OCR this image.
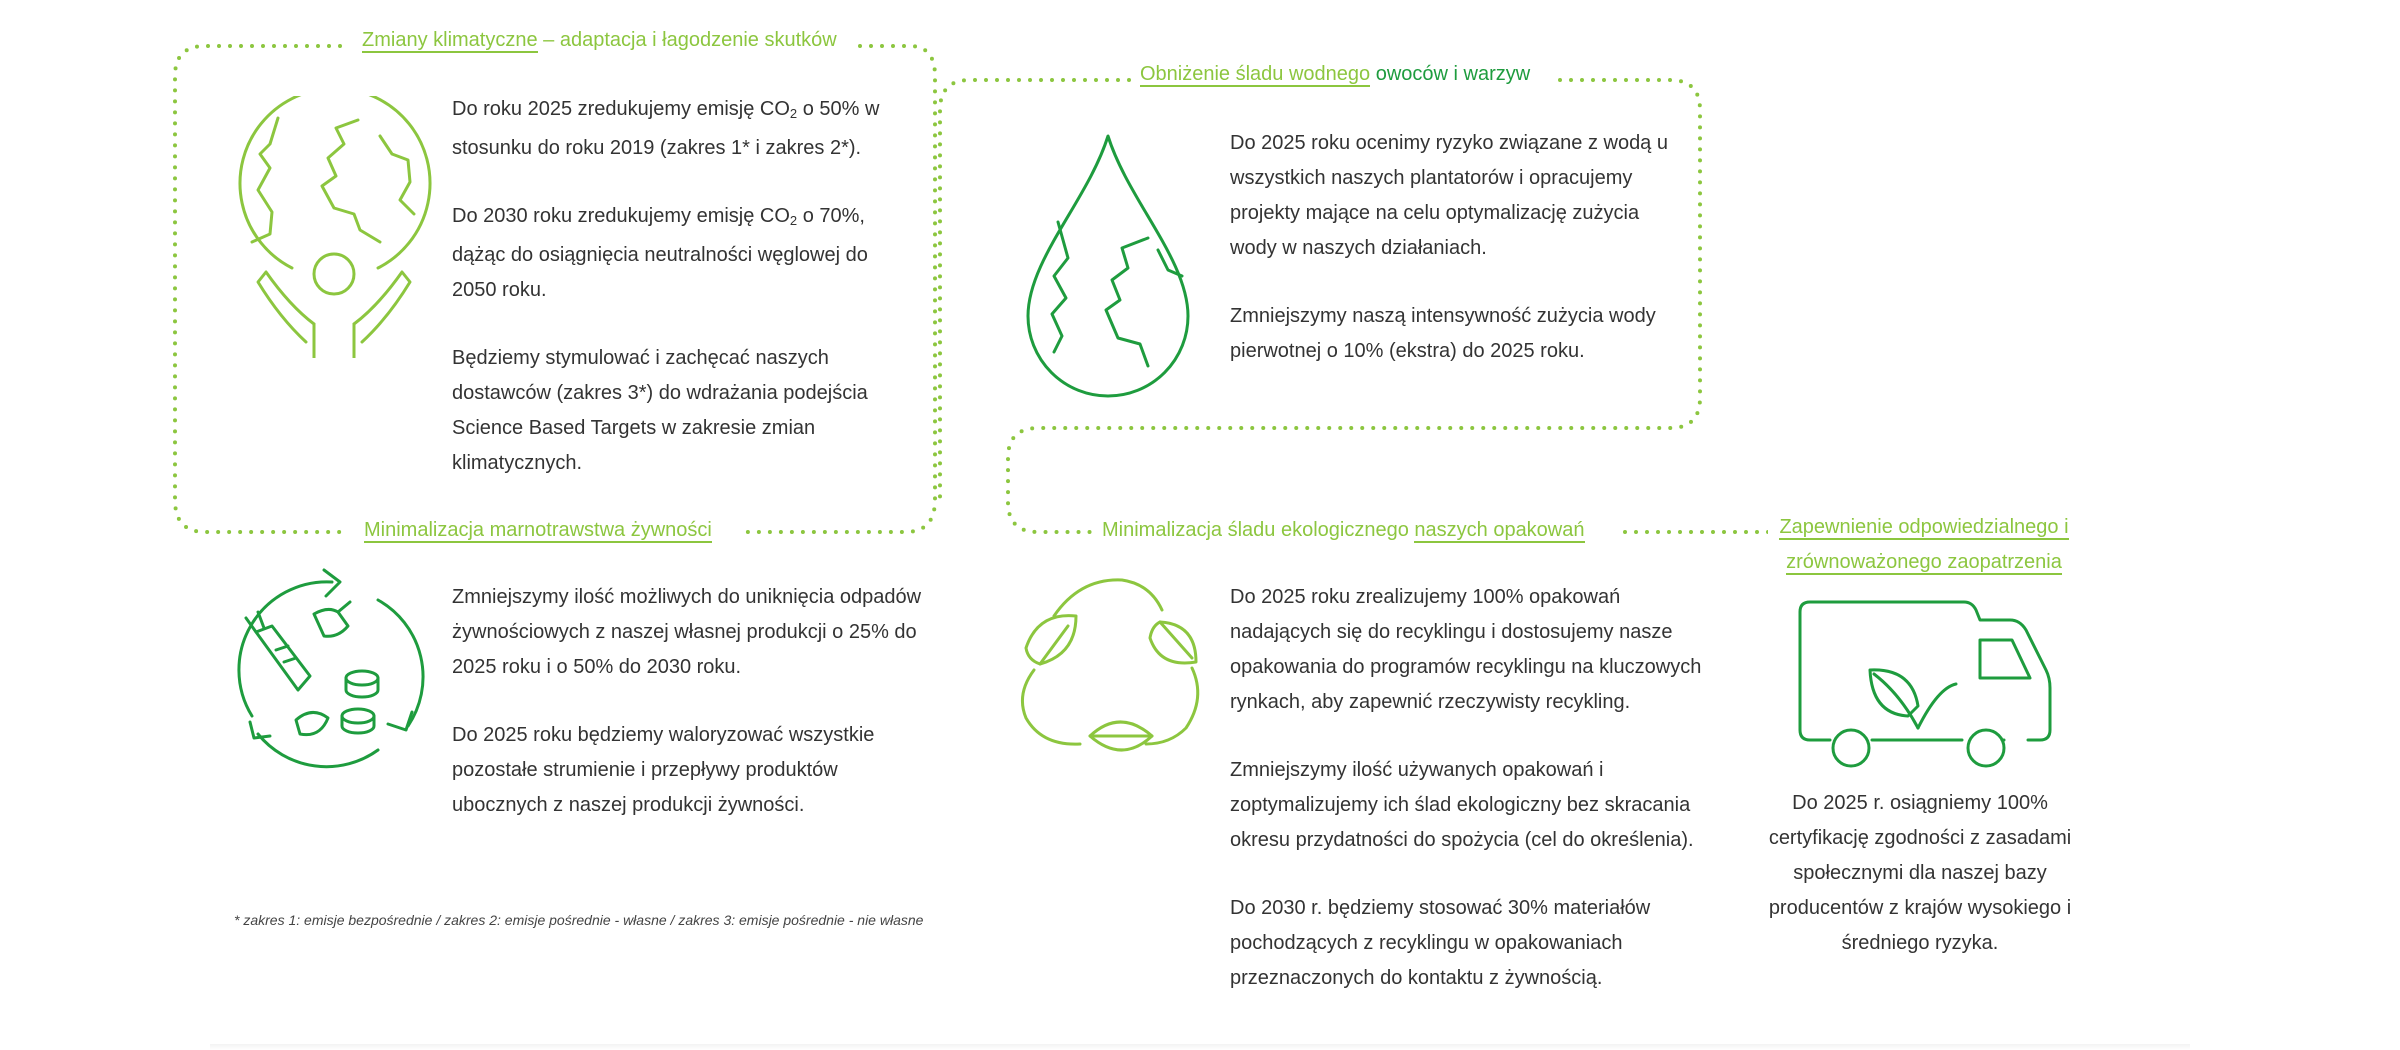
Zmiany klimatyczne – adaptacja i łagodzenie skutków

Do roku 2025 zredukujemy emisję $CO_2$ o 50% w
stosunku do roku 2019 (zakres 1* i zakres 2*).

Do 2030 roku zredukujemy emisję $CO_2$ o 70%,
dążąc do osiągnięcia neutralności węglowej do
2050 roku.

Będziemy stymulować i zachęcać naszych dostawców (zakres 3*) do wdrażania podejścia Science Based Targets w zakresie zmian klimatycznych.

Obniżenie śladu wodnego owoców i warzyw

Do 2025 roku ocenimy ryzyko związane z wodą u wszystkich naszych plantatorów i opracujemy projekty mające na celu optymalizację zużycia wody w naszych działaniach.

Zmniejszymy naszą intensywność zużycia wody pierwotnej o 10% (ekstra) do 2025 roku.

Minimalizacja marnotrawstwa żywności

Zmniejszymy ilość możliwych do uniknięcia odpadów żywnościowych z naszej własnej produkcji o 25% do 2025 roku i o 50% do 2030 roku.

Do 2025 roku będziemy waloryzować wszystkie pozostałe strumienie i przepływy produktów ubocznych z naszej produkcji żywności.

Minimalizacja śladu ekologicznego naszych opakowań

Do 2025 roku zrealizujemy 100% opakowań nadających się do recyklingu i dostosujemy nasze opakowania do programów recyklingu na kluczowych rynkach, aby zapewnić rzeczywisty recykling.

Zmniejszymy ilość używanych opakowań i zoptymalizujemy ich ślad ekologiczny bez skracania okresu przydatności do spożycia (cel do określenia).

Do 2030 r. będziemy stosować 30% materiałów pochodzących z recyklingu w opakowaniach przeznaczonych do kontaktu z żywnością.

Zapewnienie odpowiedzialnego i
zrównoważonego zaopatrzenia

Do 2025 r. osiągniemy 100% certyfikację zgodności z zasadami społecznymi dla naszej bazy producentów z krajów wysokiego i średniego ryzyka.

* zakres 1: emisje bezpośrednie / zakres 2: emisje pośrednie - własne / zakres 3: emisje pośrednie - nie własne
